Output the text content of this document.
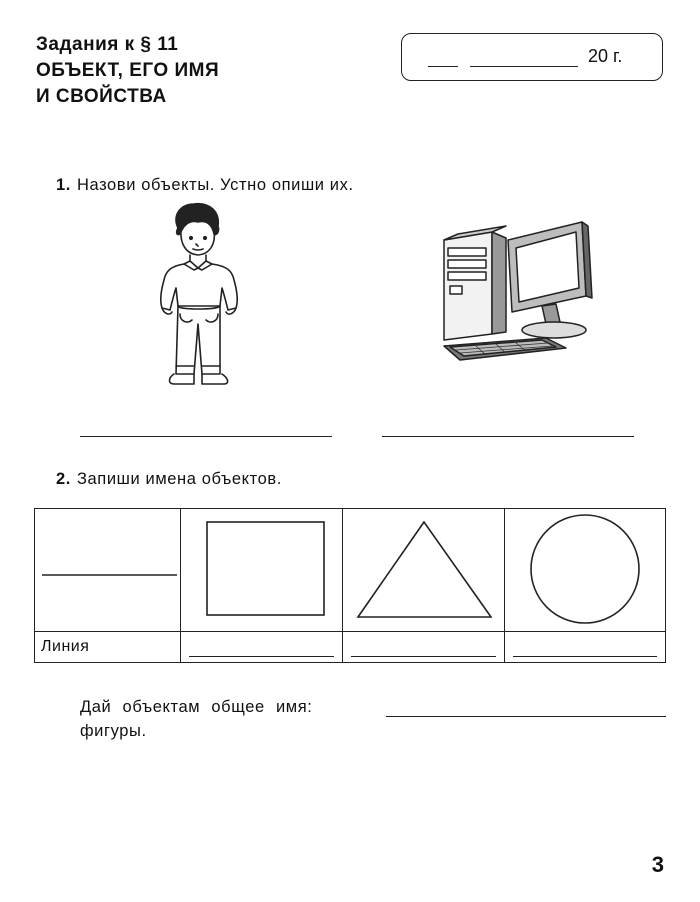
Задания к § 11
ОБЪЕКТ, ЕГО ИМЯ
И СВОЙСТВА
20 г.
1. Назови объекты. Устно опиши их.
2. Запиши имена объектов.

Линия	

Дай объектам общее имя:
фигуры.
3
